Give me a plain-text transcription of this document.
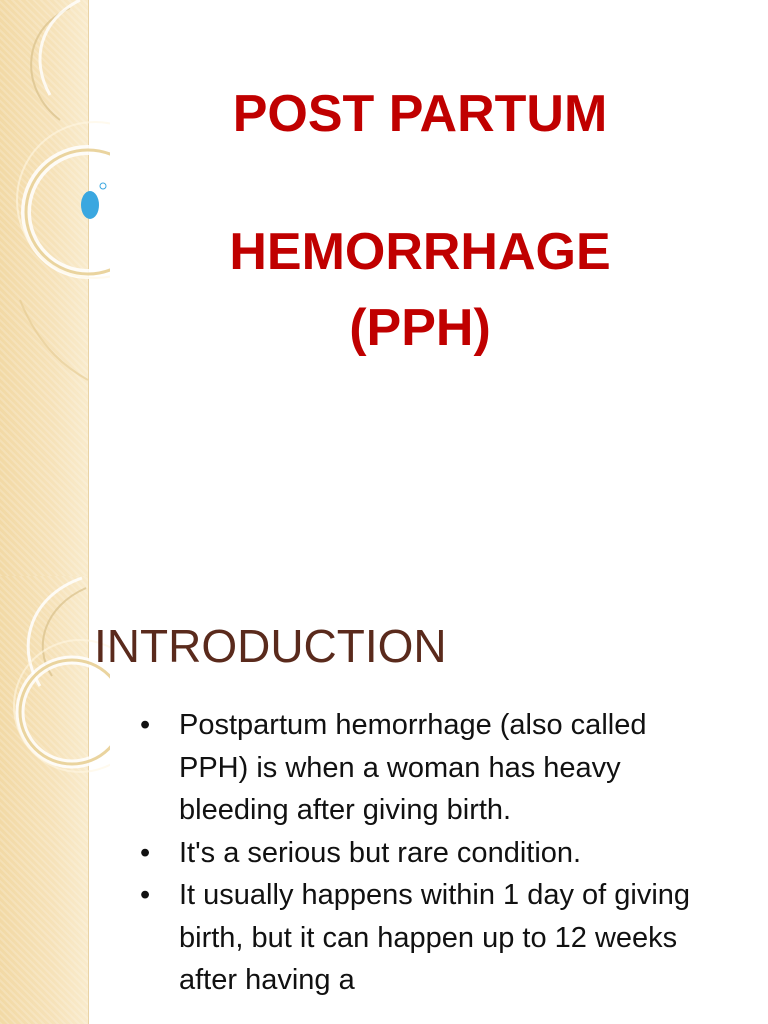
POST PARTUM
HEMORRHAGE
(PPH)
INTRODUCTION
• Postpartum hemorrhage (also called PPH) is when a woman has heavy bleeding after giving birth.
• It's a serious but rare condition.
• It usually happens within 1 day of giving birth, but it can happen up to 12 weeks after having a
